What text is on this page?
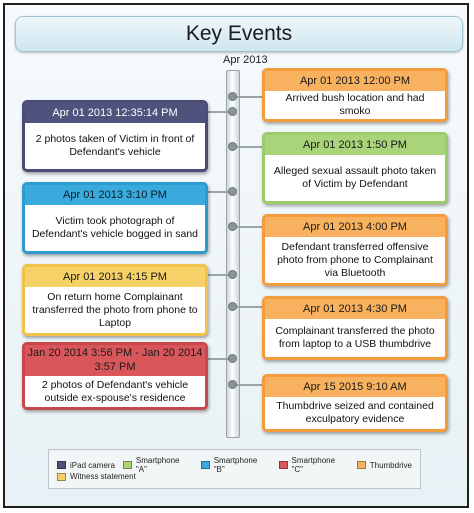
Key Events
Apr 2013
Apr 01 2013 12:00 PM
Arrived bush location and had smoko
Apr 01 2013 1:50 PM
Alleged sexual assault photo taken of Victim by Defendant
Apr 01 2013 4:00 PM
Defendant transferred offensive photo from phone to Complainant via Bluetooth
Apr 01 2013 4:30 PM
Complainant transferred the photo from laptop to a USB thumbdrive
Apr 15 2015 9:10 AM
Thumbdrive seized and contained exculpatory evidence
Apr 01 2013 12:35:14 PM
2 photos taken of Victim in front of Defendant's vehicle
Apr 01 2013 3:10 PM
Victim took photograph of Defendant's vehicle bogged in sand
Apr 01 2013 4:15 PM
On return home Complainant transferred the photo from phone to Laptop
Jan 20 2014 3:56 PM - Jan 20 2014 3:57 PM
2 photos of Defendant's vehicle outside ex-spouse's residence
iPad camera	Smartphone "A"
Smartphone "B"
Smartphone "C"	Thumbdrive
Witness statement
